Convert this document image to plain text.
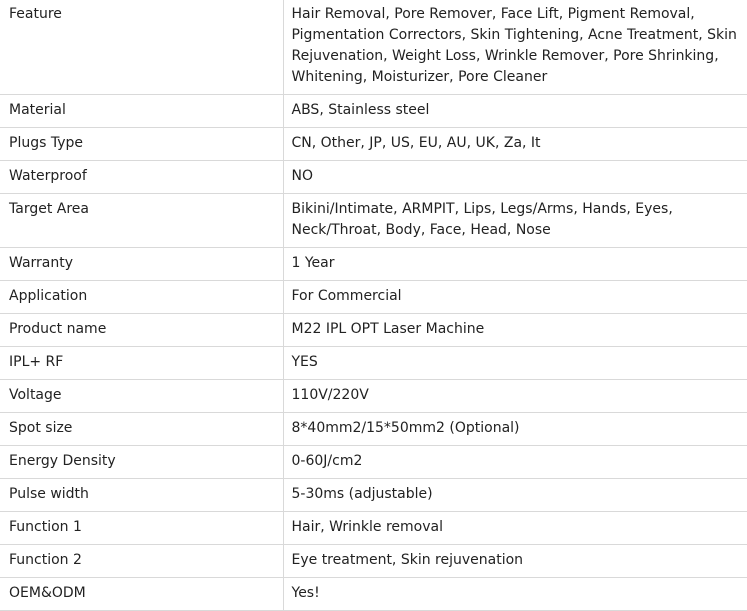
Feature	Hair Removal, Pore Remover, Face Lift, Pigment Removal, Pigmentation Correctors, Skin Tightening, Acne Treatment, Skin Rejuvenation, Weight Loss, Wrinkle Remover, Pore Shrinking, Whitening, Moisturizer, Pore Cleaner
Material	ABS, Stainless steel
Plugs Type	CN, Other, JP, US, EU, AU, UK, Za, It
Waterproof	NO
Target Area	Bikini/Intimate, ARMPIT, Lips, Legs/Arms, Hands, Eyes, Neck/Throat, Body, Face, Head, Nose
Warranty	1 Year
Application	For Commercial
Product name	M22 IPL OPT Laser Machine
IPL+ RF	YES
Voltage	110V/220V
Spot size	8*40mm2/15*50mm2 (Optional)
Energy Density	0-60J/cm2
Pulse width	5-30ms (adjustable)
Function 1	Hair, Wrinkle removal
Function 2	Eye treatment, Skin rejuvenation
OEM&ODM	Yes!
